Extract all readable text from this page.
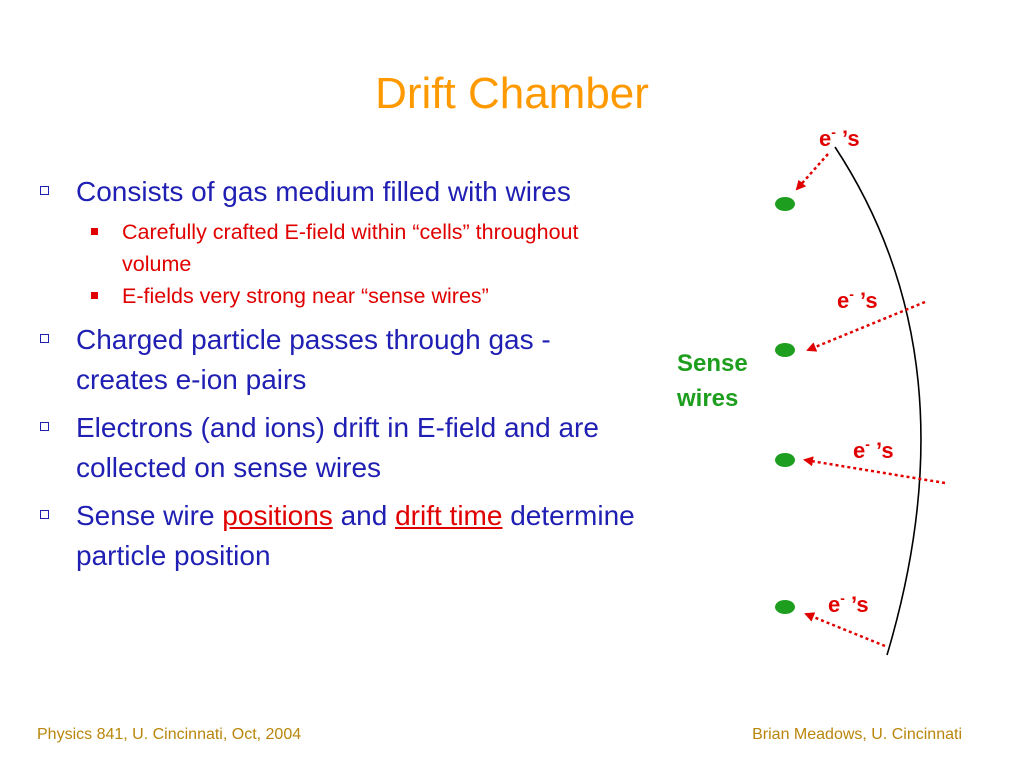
Drift Chamber
Consists of gas medium filled with wires
Carefully crafted E-field within “cells” throughout volume
E-fields very strong near “sense wires”
Charged particle passes through gas - creates e-ion pairs
Electrons (and ions) drift in E-field and are collected on sense wires
Sense wire positions and drift time determine particle position
e- ’s
e- ’s
e- ’s
e- ’s
Sense
wires
Physics 841, U. Cincinnati, Oct, 2004	Brian Meadows, U. Cincinnati
